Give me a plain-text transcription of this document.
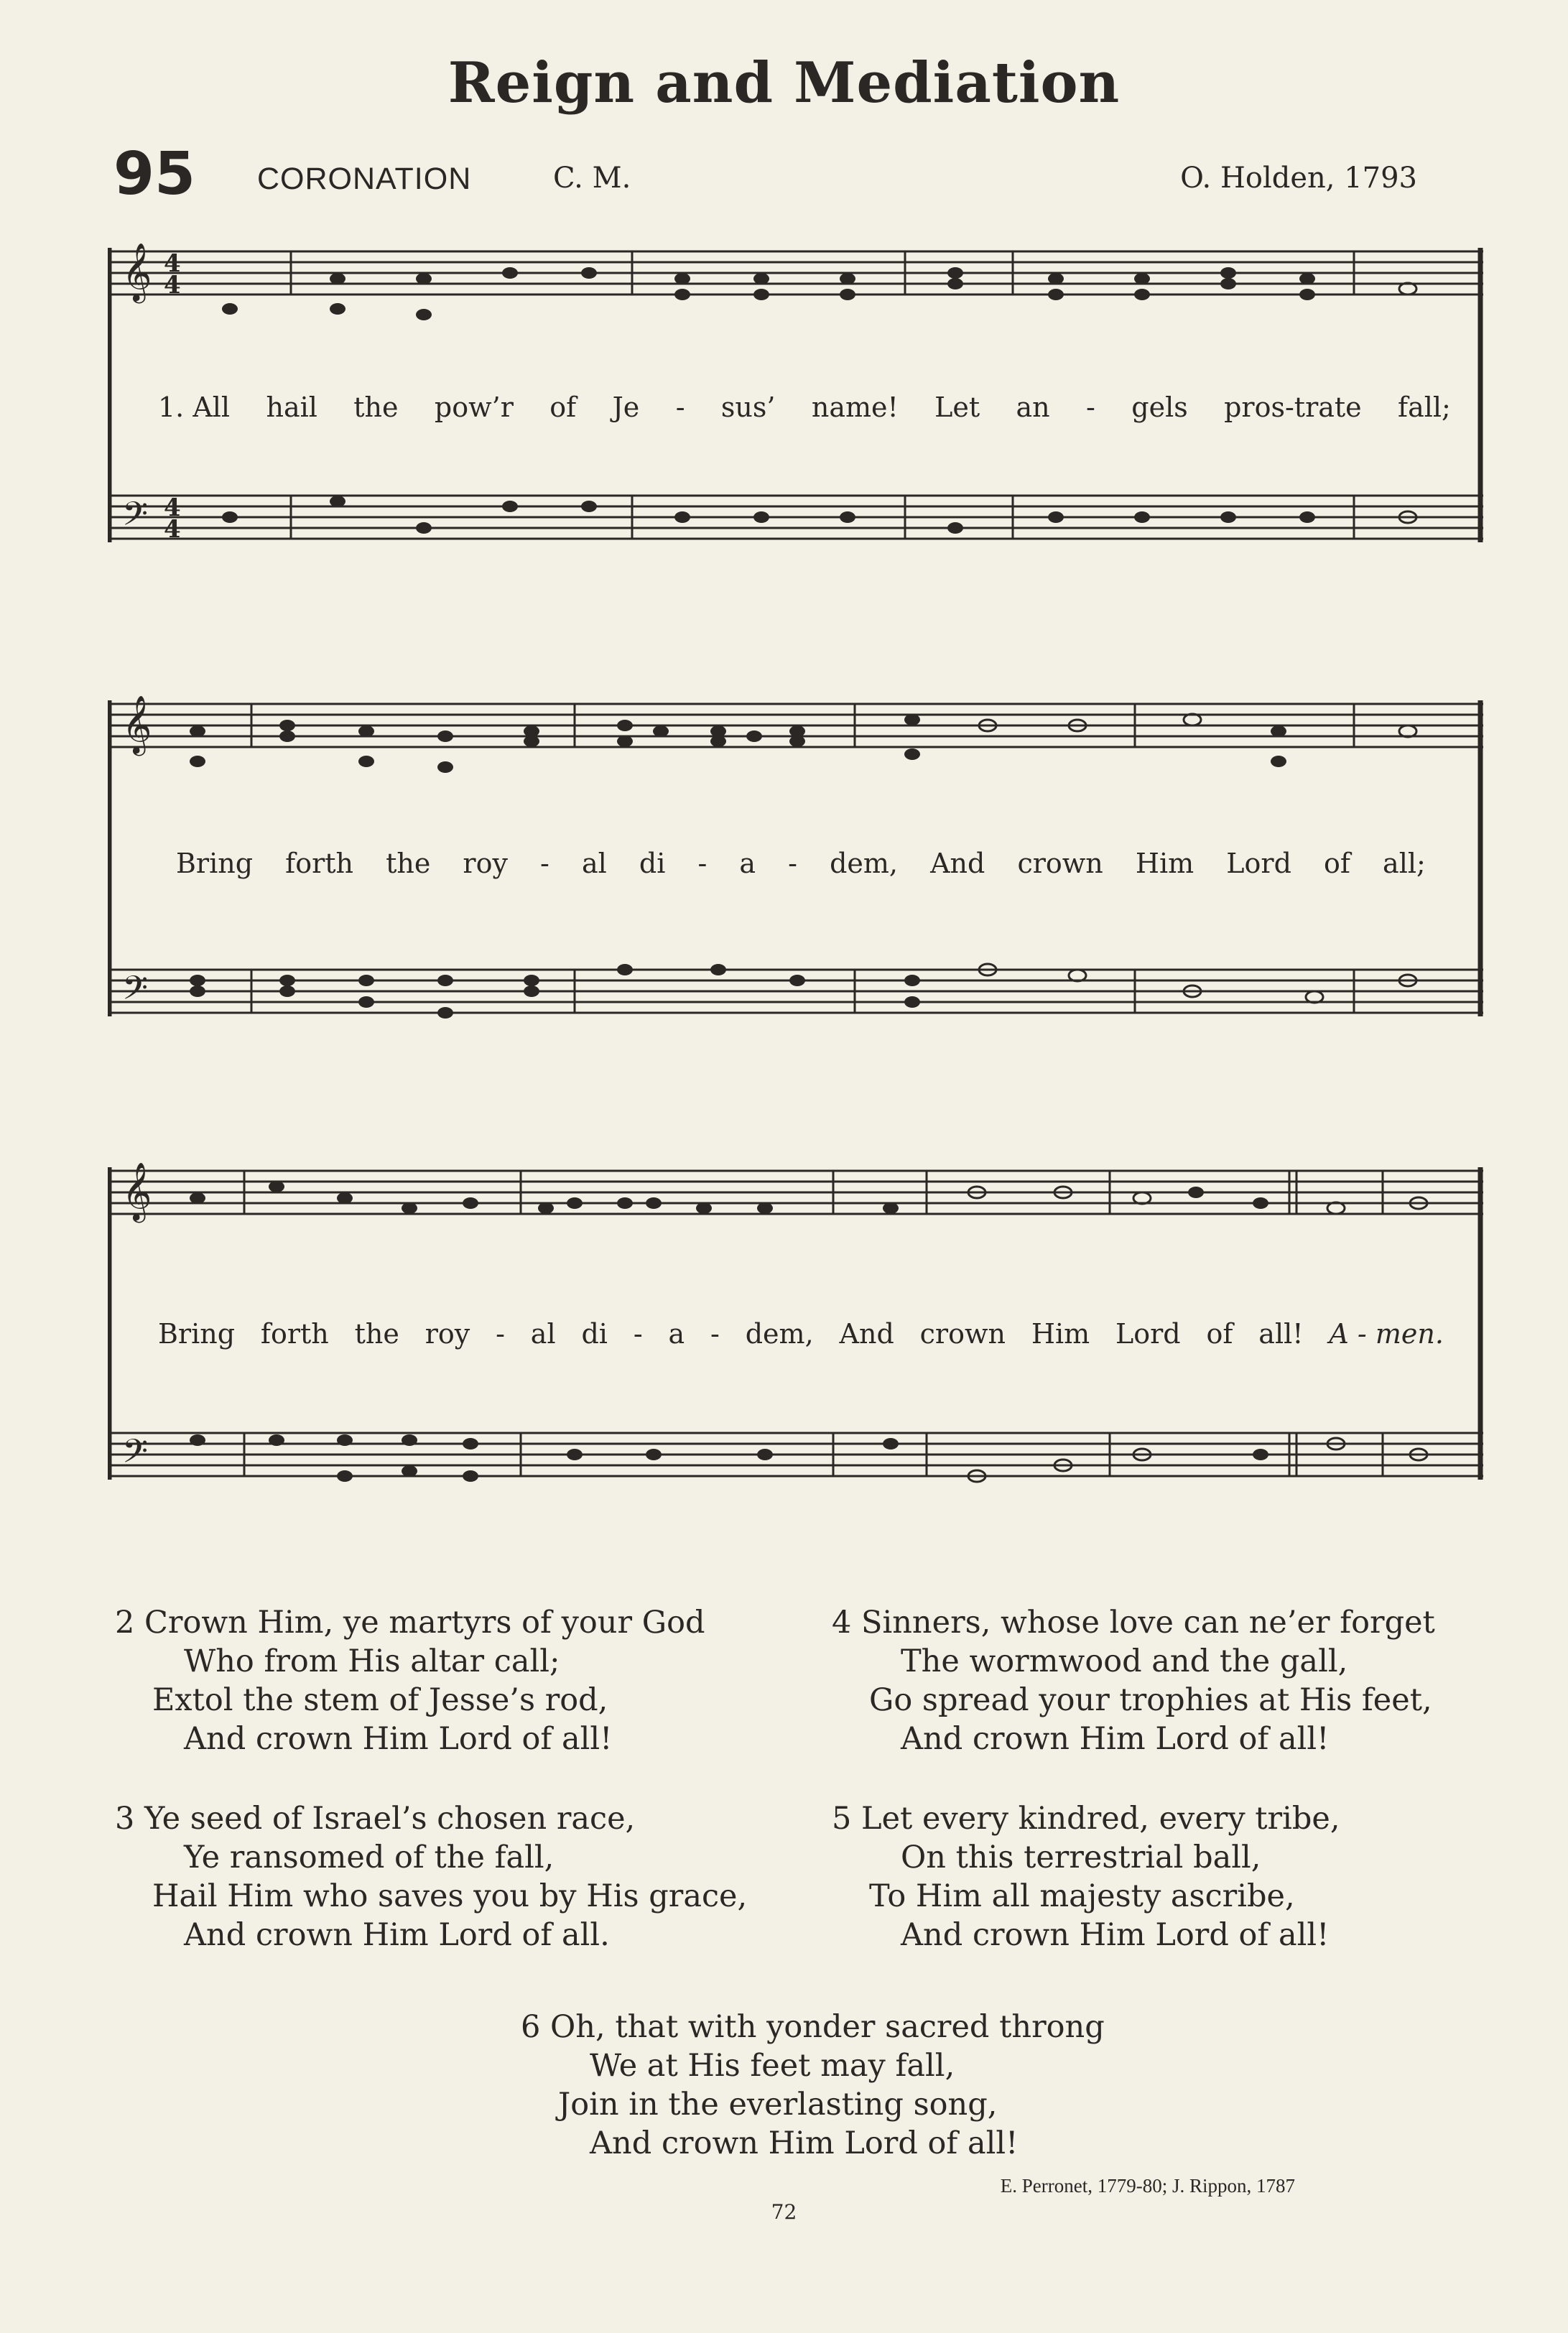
Reign and Mediation
95 CORONATION	C. M.	O. Holden, 1793
𝄞
𝄢
4
4
4
4
1. All hail the pow’r of Je - sus’ name! Let an - gels pros-trate fall;
𝄞
𝄢
Bring forth the roy - al di - a - dem, And crown Him Lord of all;
𝄞
𝄢
Bring forth the roy - al di - a - dem, And crown Him Lord of all! A - men.
2 Crown Him, ye martyrs of your God
Who from His altar call;
Extol the stem of Jesse’s rod,
And crown Him Lord of all!
3 Ye seed of Israel’s chosen race,
Ye ransomed of the fall,
Hail Him who saves you by His grace,
And crown Him Lord of all.
4 Sinners, whose love can ne’er forget
The wormwood and the gall,
Go spread your trophies at His feet,
And crown Him Lord of all!
5 Let every kindred, every tribe,
On this terrestrial ball,
To Him all majesty ascribe,
And crown Him Lord of all!
6 Oh, that with yonder sacred throng
We at His feet may fall,
Join in the everlasting song,
And crown Him Lord of all!
E. Perronet, 1779-80; J. Rippon, 1787
72
